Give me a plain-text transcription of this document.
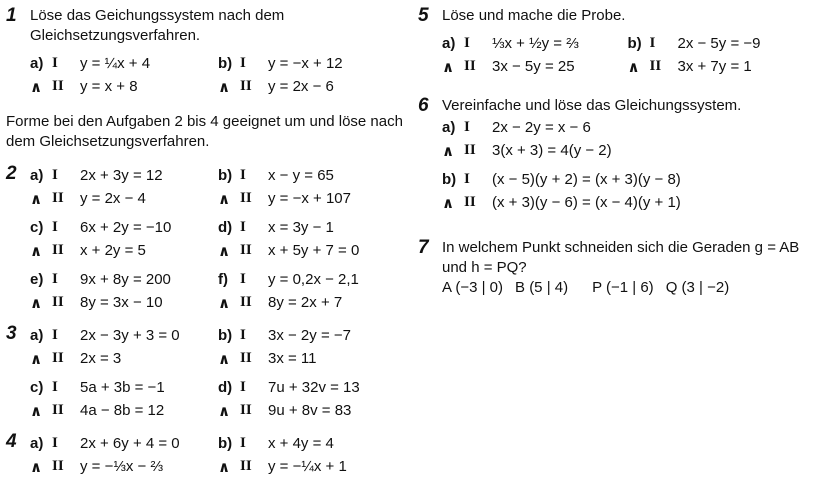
1 Löse das Geichungssystem nach dem Gleichsetzungsverfahren.
a) I	y = ¼x + 4
∧ II	y = x + 8
b) I	y = −x + 12
∧ II	y = 2x − 6

Forme bei den Aufgaben 2 bis 4 geeignet um und löse nach dem Gleichsetzungsverfahren.

2 a) I	2x + 3y = 12
∧ II	y = 2x − 4
b) I	x − y = 65
∧ II	y = −x + 107
c) I	6x + 2y = −10
∧ II	x + 2y = 5
d) I	x = 3y − 1
∧ II	x + 5y + 7 = 0
e) I	9x + 8y = 200
∧ II	8y = 3x − 10
f) I	y = 0,2x − 2,1
∧ II	8y = 2x + 7
3 a) I	2x − 3y + 3 = 0
∧ II	2x = 3
b) I	3x − 2y = −7
∧ II	3x = 11
c) I	5a + 3b = −1
∧ II	4a − 8b = 12
d) I	7u + 32v = 13
∧ II	9u + 8v = 83
4 a) I	2x + 6y + 4 = 0
∧ II	y = −⅓x − ⅔
b) I	x + 4y = 4
∧ II	y = −¼x + 1
5 Löse und mache die Probe.
a) I	⅓x + ½y = ⅔
∧ II	3x − 5y = 25
b) I	2x − 5y = −9
∧ II	3x + 7y = 1
6 Vereinfache und löse das Gleichungssystem.
a) I	2x − 2y = x − 6
∧ II	3(x + 3) = 4(y − 2)
b) I	(x − 5)(y + 2) = (x + 3)(y − 8)
∧ II	(x + 3)(y − 6) = (x − 4)(y + 1)
7 In welchem Punkt schneiden sich die Geraden g = AB und h = PQ?
A (−3 | 0) B (5 | 4) P (−1 | 6) Q (3 | −2)
